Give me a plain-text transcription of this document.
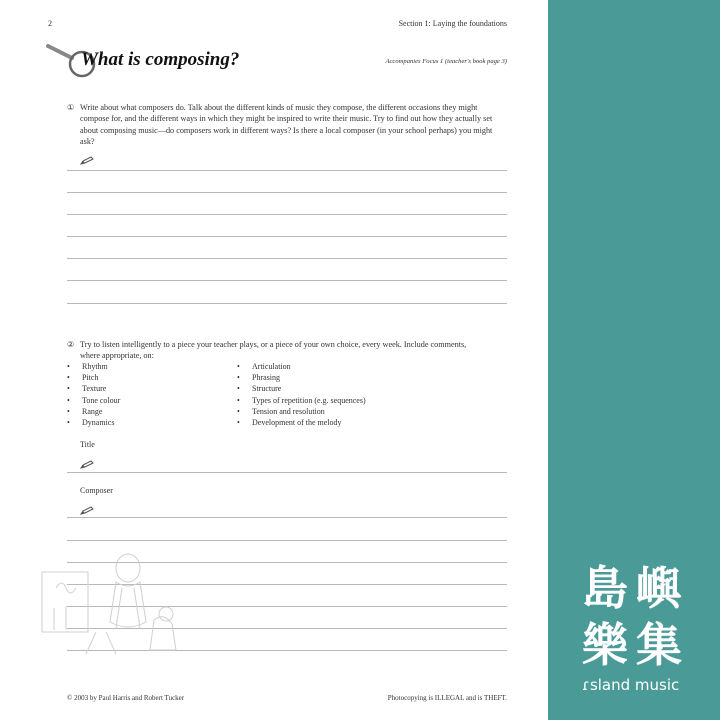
2	Section 1: Laying the foundations
What is composing?	Accompanies Focus 1 (teacher's book page 3)
① Write about what composers do. Talk about the different kinds of music they compose, the different occasions they might compose for, and the different ways in which they might be inspired to write their music. Try to find out how they actually set about composing music—do composers work in different ways? Is there a local composer (in your school perhaps) you might ask?
② Try to listen intelligently to a piece your teacher plays, or a piece of your own choice, every week. Include comments, where appropriate, on:
• Rhythm
• Pitch
• Texture
• Tone colour
• Range
• Dynamics
• Articulation
• Phrasing
• Structure
• Types of repetition (e.g. sequences)
• Tension and resolution
• Development of the melody
Title
Composer
© 2003 by Paul Harris and Robert Tucker	Photocopying is ILLEGAL and is THEFT.
島 嶼
樂 集
ɾsland music
